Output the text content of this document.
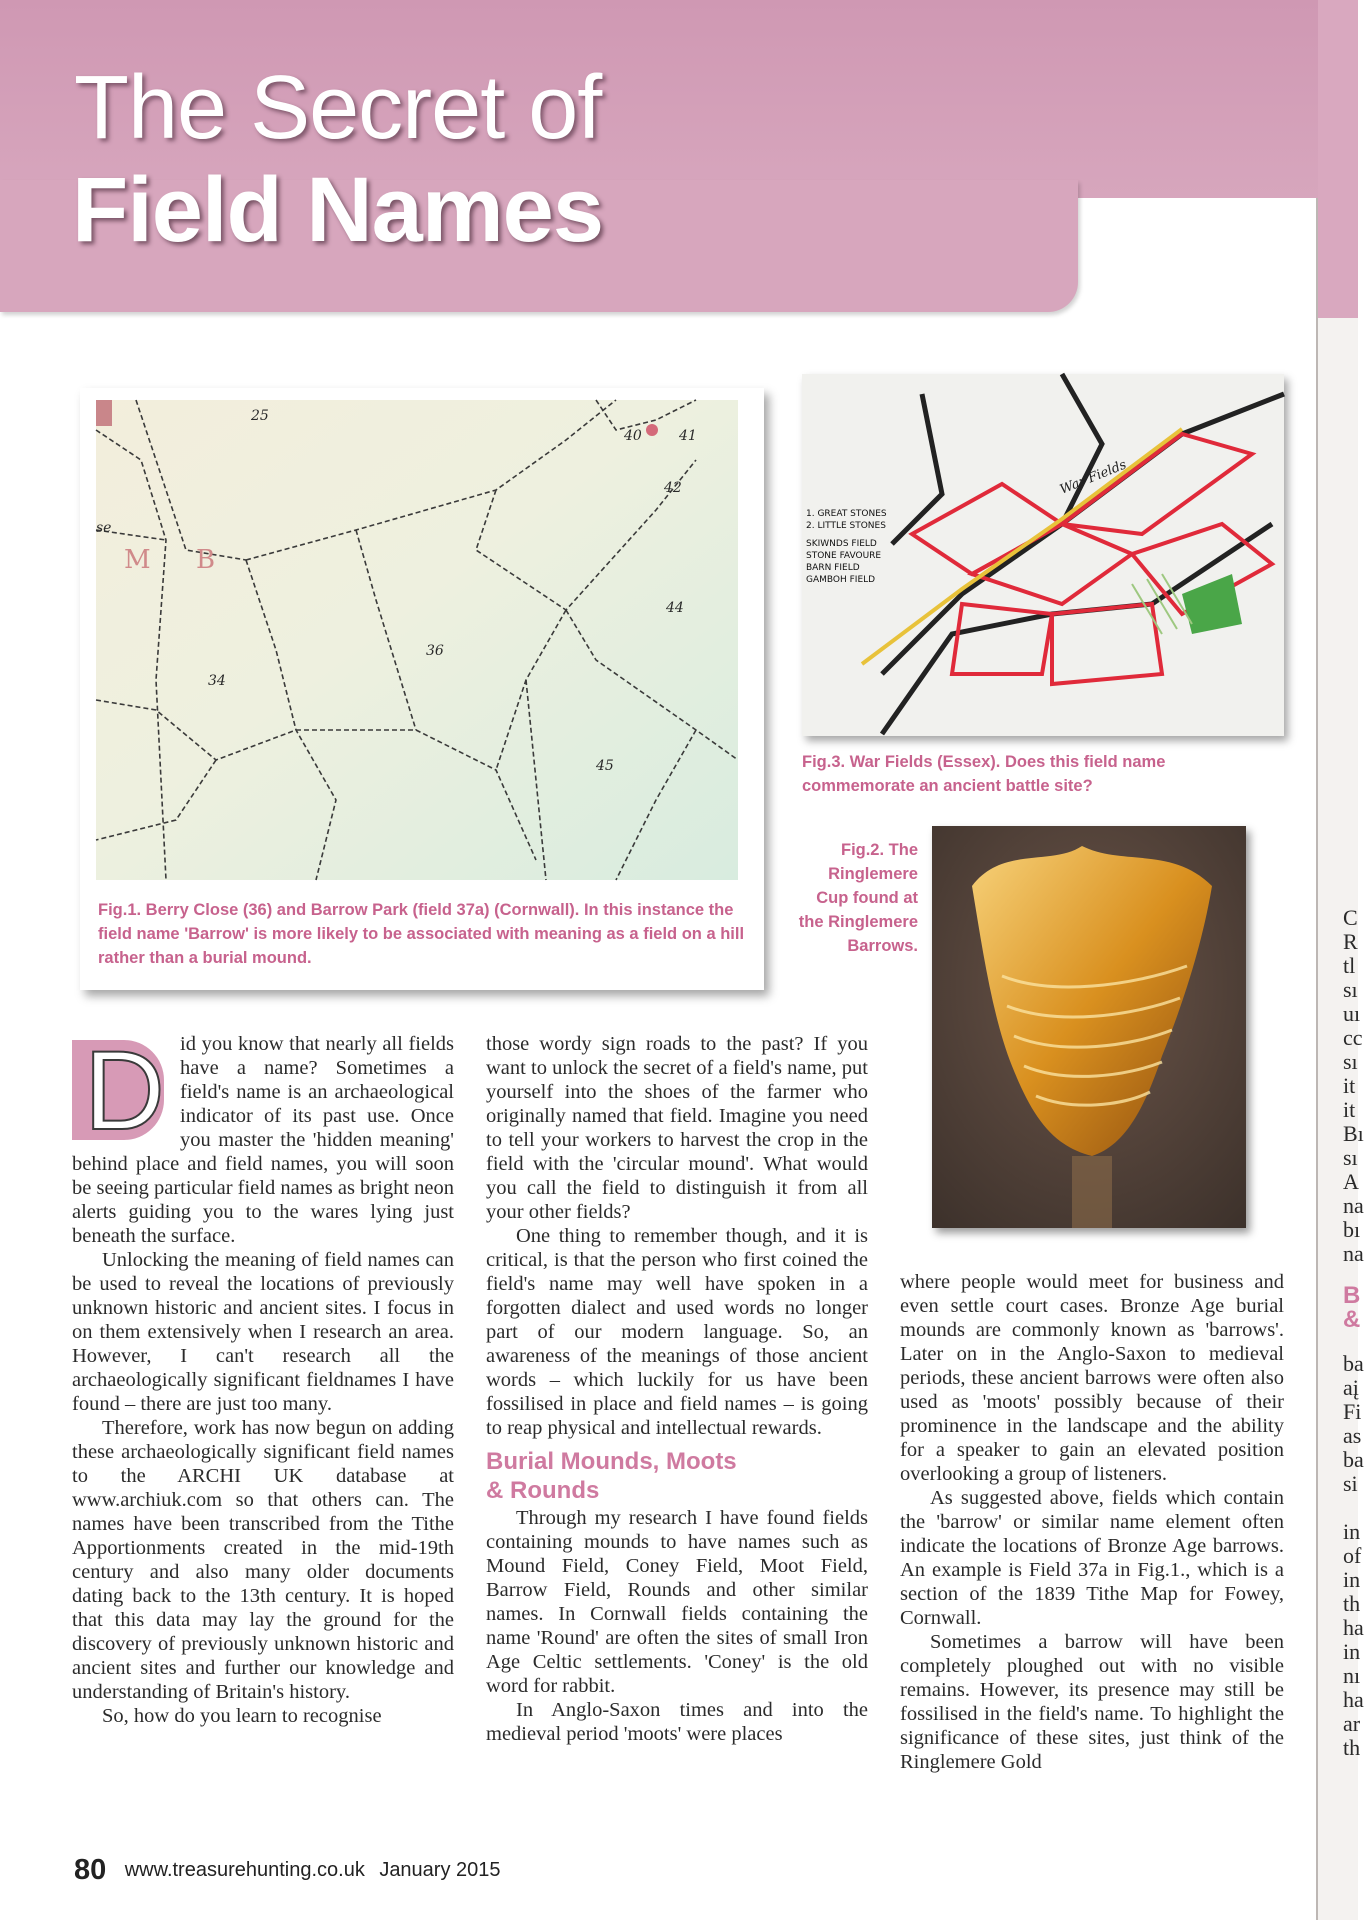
C
R
tl
sı
uı
cc
sı
it
it
Bı
sı
A
na
bı
na
B
&
ba
aį
Fi
as
ba
si
in
of
in
th
ha
in
nı
ha
ar
th
The Secret of
Field Names
25
40	41
42
44
36
34
45
se
M B
Fig.1. Berry Close (36) and Barrow Park (field 37a) (Cornwall). In this instance the field name 'Barrow' is more likely to be associated with meaning as a field on a hill rather than a burial mound.
1. GREAT STONES
2. LITTLE STONES
SKIWNDS FIELD
STONE FAVOURE
BARN FIELD
GAMBOH FIELD
War Fields
Fig.3. War Fields (Essex). Does this field name commemorate an ancient battle site?
Fig.2. The Ringlemere Cup found at the Ringlemere Barrows.
D id you know that nearly all fields have a name? Sometimes a field's name is an archaeological indicator of its past use. Once you master the 'hidden meaning' behind place and field names, you will soon be seeing particular field names as bright neon alerts guiding you to the wares lying just beneath the surface.

Unlocking the meaning of field names can be used to reveal the locations of previously unknown historic and ancient sites. I focus in on them extensively when I research an area. However, I can't research all the archaeologically significant fieldnames I have found – there are just too many.

Therefore, work has now begun on adding these archaeologically significant field names to the ARCHI UK database at www.archiuk.com so that others can. The names have been transcribed from the Tithe Apportionments created in the mid-19th century and also many older documents dating back to the 13th century. It is hoped that this data may lay the ground for the discovery of previously unknown historic and ancient sites and further our knowledge and understanding of Britain's history.

So, how do you learn to recognise

those wordy sign roads to the past? If you want to unlock the secret of a field's name, put yourself into the shoes of the farmer who originally named that field. Imagine you need to tell your workers to harvest the crop in the field with the 'circular mound'. What would you call the field to distinguish it from all your other fields?

One thing to remember though, and it is critical, is that the person who first coined the field's name may well have spoken in a forgotten dialect and used words no longer part of our modern language. So, an awareness of the meanings of those ancient words – which luckily for us have been fossilised in place and field names – is going to reap physical and intellectual rewards.

Burial Mounds, Moots
& Rounds

Through my research I have found fields containing mounds to have names such as Mound Field, Coney Field, Moot Field, Barrow Field, Rounds and other similar names. In Cornwall fields containing the name 'Round' are often the sites of small Iron Age Celtic settlements. 'Coney' is the old word for rabbit.

In Anglo-Saxon times and into the medieval period 'moots' were places

where people would meet for business and even settle court cases. Bronze Age burial mounds are commonly known as 'barrows'. Later on in the Anglo-Saxon to medieval periods, these ancient barrows were often also used as 'moots' possibly because of their prominence in the landscape and the ability for a speaker to gain an elevated position overlooking a group of listeners.

As suggested above, fields which contain the 'barrow' or similar name element often indicate the locations of Bronze Age barrows. An example is Field 37a in Fig.1., which is a section of the 1839 Tithe Map for Fowey, Cornwall.

Sometimes a barrow will have been completely ploughed out with no visible remains. However, its presence may still be fossilised in the field's name. To highlight the significance of these sites, just think of the Ringlemere Gold

80 www.treasurehunting.co.uk January 2015
